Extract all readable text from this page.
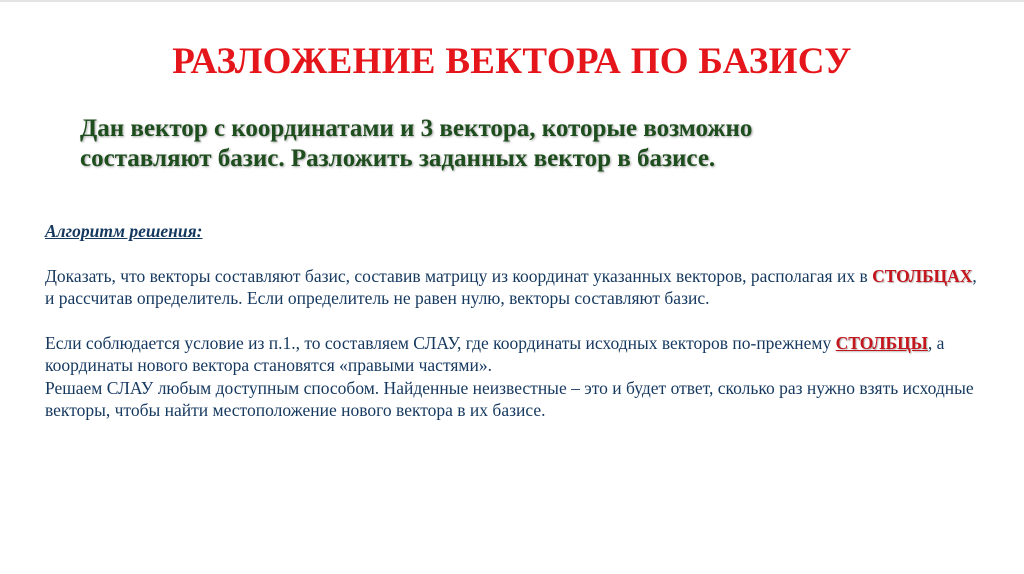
РАЗЛОЖЕНИЕ ВЕКТОРА ПО БАЗИСУ
Дан вектор с координатами и 3 вектора, которые возможно
составляют базис. Разложить заданных вектор в базисе.
Алгоритм решения:

Доказать, что векторы составляют базис, составив матрицу из координат указанных векторов, располагая их в СТОЛБЦАХ, и рассчитав определитель. Если определитель не равен нулю, векторы составляют базис.

Если соблюдается условие из п.1., то составляем СЛАУ, где координаты исходных векторов по-прежнему СТОЛБЦЫ, а координаты нового вектора становятся «правыми частями».

Решаем СЛАУ любым доступным способом. Найденные неизвестные – это и будет ответ, сколько раз нужно взять исходные векторы, чтобы найти местоположение нового вектора в их базисе.
